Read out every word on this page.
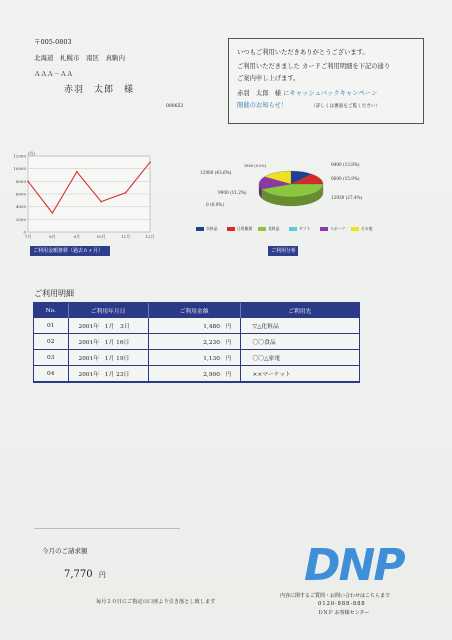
〒005-0803
北海道　札幌市　南区　真駒内
ＡＡＡ－ＡＡ
赤羽　太郎　様
000653
いつもご利用いただきありがとうございます。
ご利用いただきました カードご利用明細を下記の通り
ご案内申し上げます。
赤羽　太郎　様 にキャッシュバックキャンペーン
開催のお知らせ！	（詳しくは裏面をご覧ください）
0
2000
4000
6000
8000
10000
12000
7月	8月	9月	10月	11月	12月
(円)
ご利用金額推移（過去６ヶ月）
12900 (43.6%)
9900 (11.2%)
0 (0.0%)
1800 (0.0%)	0400 (13.8%)
0600 (15.9%)
12930 (27.4%)
衣料品	日用雑貨	食料品	ギフト	スポーツ	その他
ご利用分析
ご利用明細
No.	ご利用年月日	ご利用金額	ご利用先
01	2001年　1月　3日	1,480　円	▽△化粧品
02	2001年　1月 16日	2,230　円	〇〇食品
03	2001年　1月 19日	1,130　円	〇〇△家電
04	2001年　1月 23日	2,900　円	××マーケット
今月のご請求額
7,770 円
毎月２０日にご指定の口座より引き落とし致します
DNP
内容に関するご質問・お問い合わせはこちらまで
0120-888-888
ＤＮＰ お客様センター
